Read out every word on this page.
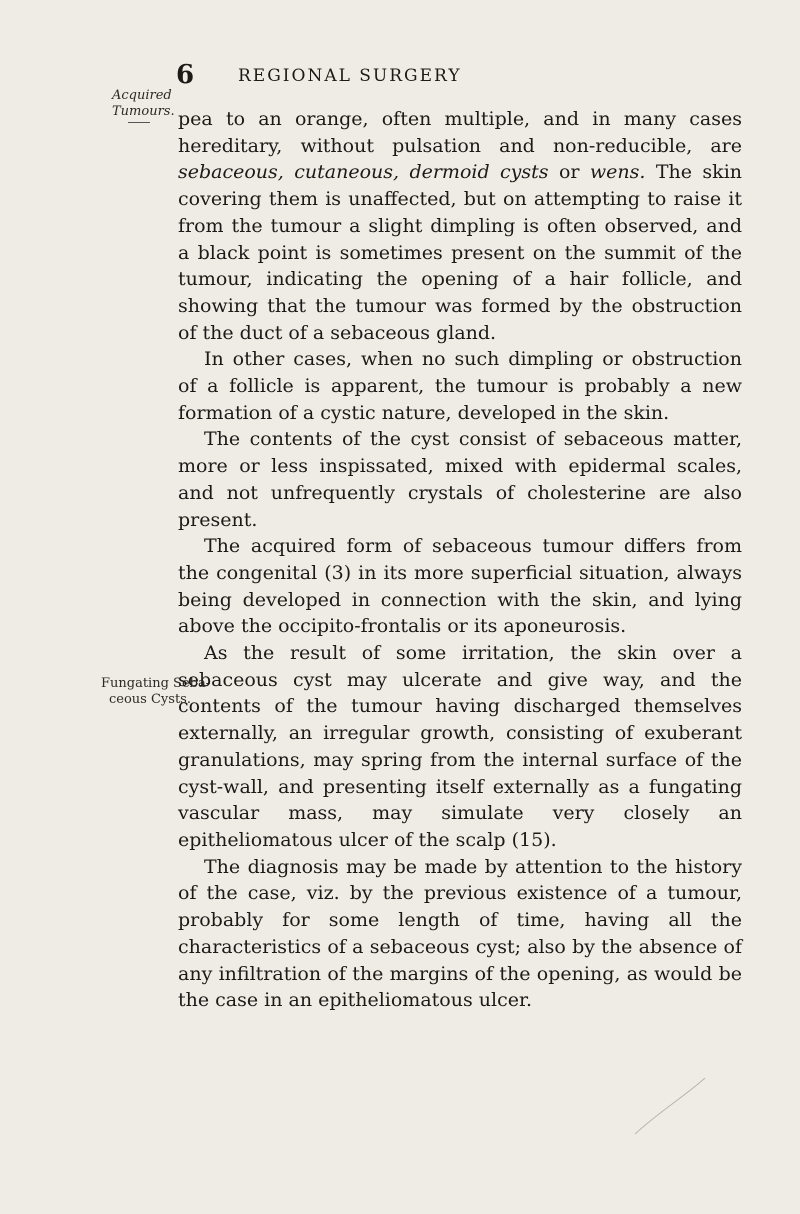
6	REGIONAL SURGERY
Acquired
Tumours.
Fungating Seba-
ceous Cysts.

pea to an orange, often multiple, and in many cases hereditary, without pulsation and non-reducible, are sebaceous, cutaneous, dermoid cysts or wens. The skin covering them is unaffected, but on attempting to raise it from the tumour a slight dimpling is often observed, and a black point is sometimes present on the summit of the tumour, indicating the opening of a hair follicle, and showing that the tumour was formed by the obstruction of the duct of a sebaceous gland.

In other cases, when no such dimpling or obstruction of a follicle is apparent, the tumour is probably a new formation of a cystic nature, developed in the skin.

The contents of the cyst consist of sebaceous matter, more or less inspissated, mixed with epidermal scales, and not unfrequently crystals of cholesterine are also present.

The acquired form of sebaceous tumour differs from the congenital (3) in its more superficial situation, always being developed in connection with the skin, and lying above the occipito-frontalis or its aponeurosis.

As the result of some irritation, the skin over a sebaceous cyst may ulcerate and give way, and the contents of the tumour having discharged themselves externally, an irregular growth, consisting of exuberant granulations, may spring from the internal surface of the cyst-wall, and presenting itself externally as a fungating vascular mass, may simulate very closely an epitheliomatous ulcer of the scalp (15).

The diagnosis may be made by attention to the history of the case, viz. by the previous existence of a tumour, probably for some length of time, having all the characteristics of a sebaceous cyst; also by the absence of any infiltration of the margins of the opening, as would be the case in an epitheliomatous ulcer.
